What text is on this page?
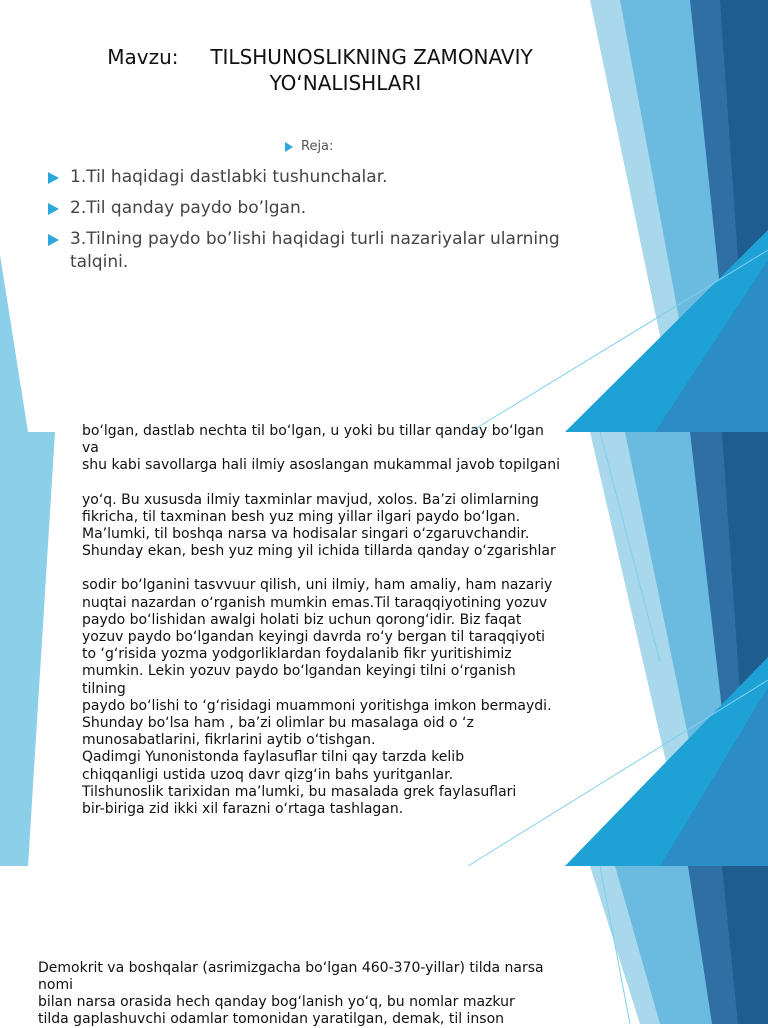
Mavzu:     TILSHUNOSLIKNING ZAMONAVIY
YO‘NALISHLARI
Reja:
1.Til haqidagi dastlabki tushunchalar.
2.Til qanday paydo bo’lgan.
3.Tilning paydo bo’lishi haqidagi turli nazariyalar ularning talqini.

bo‘lgan, dastlab nechta til bo‘lgan, u yoki bu tillar qanday bo‘lgan

va

shu kabi savollarga hali ilmiy asoslangan mukammal javob topilgani

yo‘q. Bu xususda ilmiy taxminlar mavjud, xolos. Ba’zi olimlarning

fikricha, til taxminan besh yuz ming yillar ilgari paydo bo‘lgan.

Ma’lumki, til boshqa narsa va hodisalar singari o‘zgaruvchandir.

Shunday ekan, besh yuz ming yil ichida tillarda qanday o‘zgarishlar

sodir bo‘lganini tasvvuur qilish, uni ilmiy, ham amaliy, ham nazariy

nuqtai nazardan o‘rganish mumkin emas.Til taraqqiyotining yozuv

paydo bo‘lishidan awalgi holati biz uchun qorong‘idir. Biz faqat

yozuv paydo bo‘lgandan keyingi davrda ro‘y bergan til taraqqiyoti

to ‘g‘risida yozma yodgorliklardan foydalanib fikr yuritishimiz

mumkin. Lekin yozuv paydo bo‘lgandan keyingi tilni o‘rganish

tilning

paydo bo‘lishi to ‘g‘risidagi muammoni yoritishga imkon bermaydi.

Shunday bo‘lsa ham , ba’zi olimlar bu masalaga oid o ‘z

munosabatlarini, fikrlarini aytib o‘tishgan.

Qadimgi Yunonistonda faylasuflar tilni qay tarzda kelib

chiqqanligi ustida uzoq davr qizg‘in bahs yuritganlar.

Tilshunoslik tarixidan ma’lumki, bu masalada grek faylasuflari

bir-biriga zid ikki xil farazni o‘rtaga tashlagan.

Demokrit va boshqalar (asrimizgacha bo‘lgan 460-370-yillar) tilda narsa

nomi

bilan narsa orasida hech qanday bog‘lanish yo‘q, bu nomlar mazkur

tilda gaplashuvchi odamlar tomonidan yaratilgan, demak, til inson
